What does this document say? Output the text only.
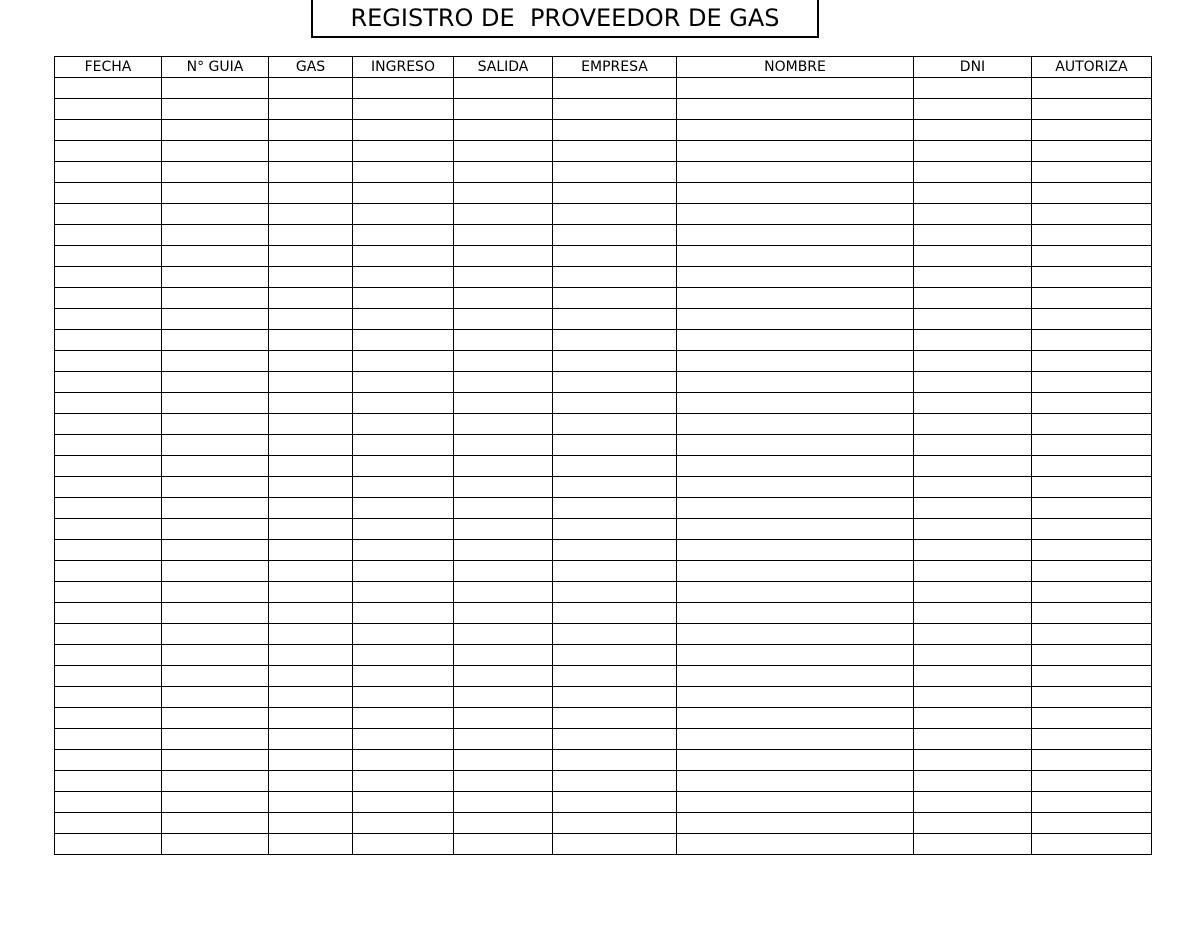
REGISTRO DE  PROVEEDOR DE GAS
FECHA	N° GUIA	GAS	INGRESO	SALIDA	EMPRESA	NOMBRE	DNI	AUTORIZA
